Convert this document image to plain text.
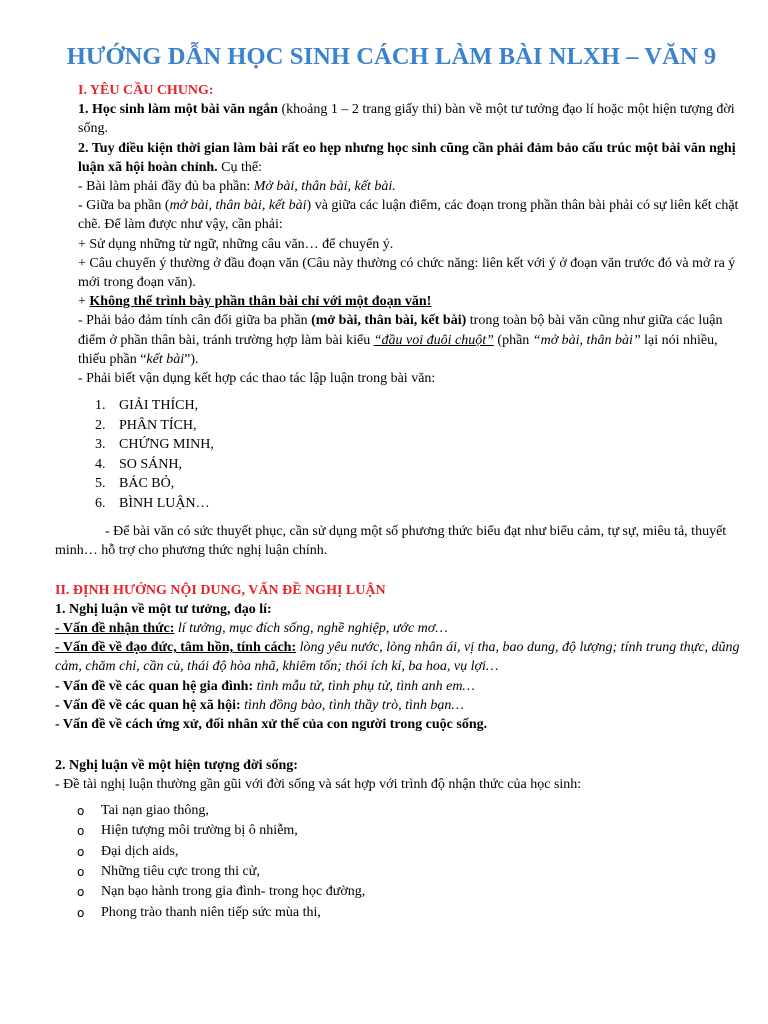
HƯỚNG DẪN HỌC SINH CÁCH LÀM BÀI NLXH – VĂN 9

I. YÊU CẦU CHUNG:

1. Học sinh làm một bài văn ngắn (khoảng 1 – 2 trang giấy thi) bàn về một tư tưởng đạo lí hoặc một hiện tượng đời sống.

2. Tuy điều kiện thời gian làm bài rất eo hẹp nhưng học sinh cũng cần phải đảm bảo cấu trúc một bài văn nghị luận xã hội hoàn chỉnh. Cụ thể:

- Bài làm phải đầy đủ ba phần: Mở bài, thân bài, kết bài.

- Giữa ba phần (mở bài, thân bài, kết bài) và giữa các luận điểm, các đoạn trong phần thân bài phải có sự liên kết chặt chẽ. Để làm được như vậy, cần phải:

+ Sử dụng những từ ngữ, những câu văn… để chuyển ý.

+ Câu chuyển ý thường ở đầu đoạn văn (Câu này thường có chức năng: liên kết với ý ở đoạn văn trước đó và mở ra ý mới trong đoạn văn).

+ Không thể trình bày phần thân bài chỉ với một đoạn văn!

- Phải bảo đảm tính cân đối giữa ba phần (mở bài, thân bài, kết bài) trong toàn bộ bài văn cũng như giữa các luận điểm ở phần thân bài, tránh trường hợp làm bài kiểu “đầu voi đuôi chuột” (phần “mở bài, thân bài” lại nói nhiều, thiếu phần “kết bài”).

- Phải biết vận dụng kết hợp các thao tác lập luận trong bài văn:

1. GIẢI THÍCH,
2. PHÂN TÍCH,
3. CHỨNG MINH,
4. SO SÁNH,
5. BÁC BỎ,
6. BÌNH LUẬN…

- Để bài văn có sức thuyết phục, cần sử dụng một số phương thức biểu đạt như biểu cảm, tự sự, miêu tả, thuyết minh… hỗ trợ cho phương thức nghị luận chính.

II. ĐỊNH HƯỚNG NỘI DUNG, VẤN ĐỀ NGHỊ LUẬN

1. Nghị luận về một tư tưởng, đạo lí:

- Vấn đề nhận thức: lí tưởng, mục đích sống, nghề nghiệp, ước mơ…

- Vấn đề về đạo đức, tâm hồn, tính cách: lòng yêu nước, lòng nhân ái, vị tha, bao dung, độ lượng; tính trung thực, dũng cảm, chăm chỉ, cần cù, thái độ hòa nhã, khiêm tốn; thói ích kỉ, ba hoa, vụ lợi…

- Vấn đề về các quan hệ gia đình: tình mẫu tử, tình phụ tử, tình anh em…

- Vấn đề về các quan hệ xã hội: tình đồng bào, tình thầy trò, tình bạn…

- Vấn đề về cách ứng xử, đối nhân xử thế của con người trong cuộc sống.

2. Nghị luận về một hiện tượng đời sống:

- Đề tài nghị luận thường gần gũi với đời sống và sát hợp với trình độ nhận thức của học sinh:

o Tai nạn giao thông,
o Hiện tượng môi trường bị ô nhiễm,
o Đại dịch aids,
o Những tiêu cực trong thi cử,
o Nạn bạo hành trong gia đình- trong học đường,
o Phong trào thanh niên tiếp sức mùa thi,
